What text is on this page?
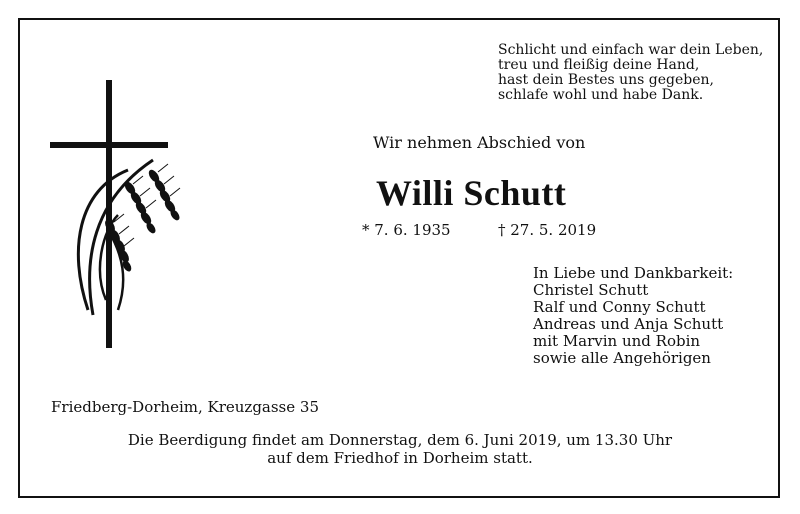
Schlicht und einfach war dein Leben,
treu und fleißig deine Hand,
hast dein Bestes uns gegeben,
schlafe wohl und habe Dank.
Wir nehmen Abschied von
Willi Schutt
* 7. 6. 1935	† 27. 5. 2019
In Liebe und Dankbarkeit:
Christel Schutt
Ralf und Conny Schutt
Andreas und Anja Schutt
mit Marvin und Robin
sowie alle Angehörigen
Friedberg-Dorheim, Kreuzgasse 35
Die Beerdigung findet am Donnerstag, dem 6. Juni 2019, um 13.30 Uhr
auf dem Friedhof in Dorheim statt.
